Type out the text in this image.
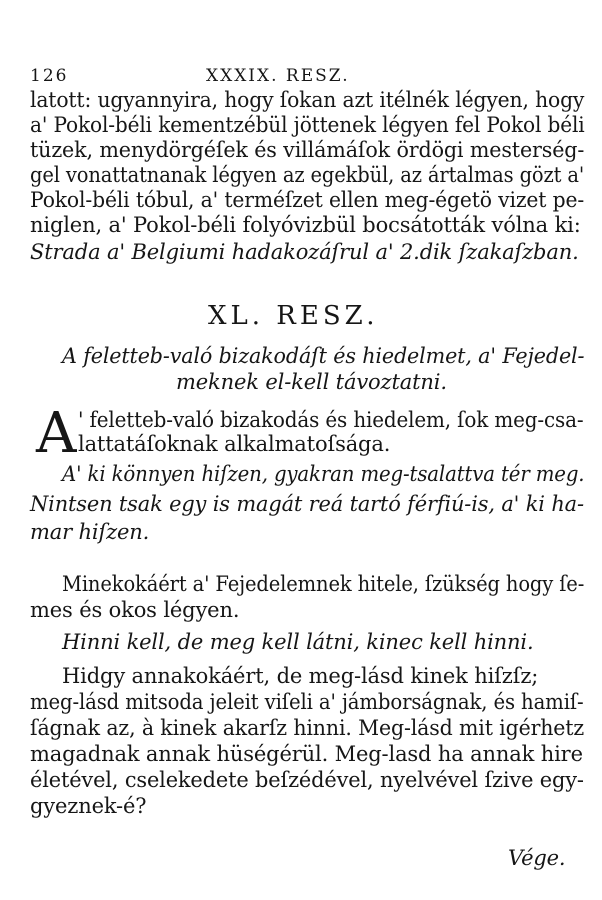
126	XXXIX. RESZ.
latott: ugyannyira, hogy ſokan azt itélnék légyen, hogy
a' Pokol-béli kementzébül jöttenek légyen fel Pokol béli
tüzek, menydörgéſek és villámáſok ördögi mesterség-
gel vonattatnanak légyen az egekbül, az ártalmas gözt a'
Pokol-béli tóbul, a' terméſzet ellen meg-égetö vizet pe-
niglen, a' Pokol-béli folyóvizbül bocsátották vólna ki:
Strada a' Belgiumi hadakozáſrul a' 2.dik ſzakaſzban.
XL. RESZ.
A feletteb-való bizakodáſt és hiedelmet, a' Fejedel-
meknek el-kell távoztatni.
A ' feletteb-való bizakodás és hiedelem, ſok meg-csa-
lattatáſoknak alkalmatoſsága.
A' ki könnyen hiſzen, gyakran meg-tsalattva tér meg.
Nintsen tsak egy is magát reá tartó férfiú-is, a' ki ha-
mar hiſzen.
Minekokáért a' Fejedelemnek hitele, ſzükség hogy ſe-
mes és okos légyen.
Hinni kell, de meg kell látni, kinec kell hinni.
Hidgy annakokáért, de meg-lásd kinek hiſzſz;
meg-lásd mitsoda jeleit viſeli a' jámborságnak, és hamiſ-
ſágnak az, à kinek akarſz hinni. Meg-lásd mit igérhetz
magadnak annak hüségérül. Meg-lasd ha annak hire
életével, cselekedete beſzédével, nyelvével ſzive egy-
gyeznek-é?
Vége.
